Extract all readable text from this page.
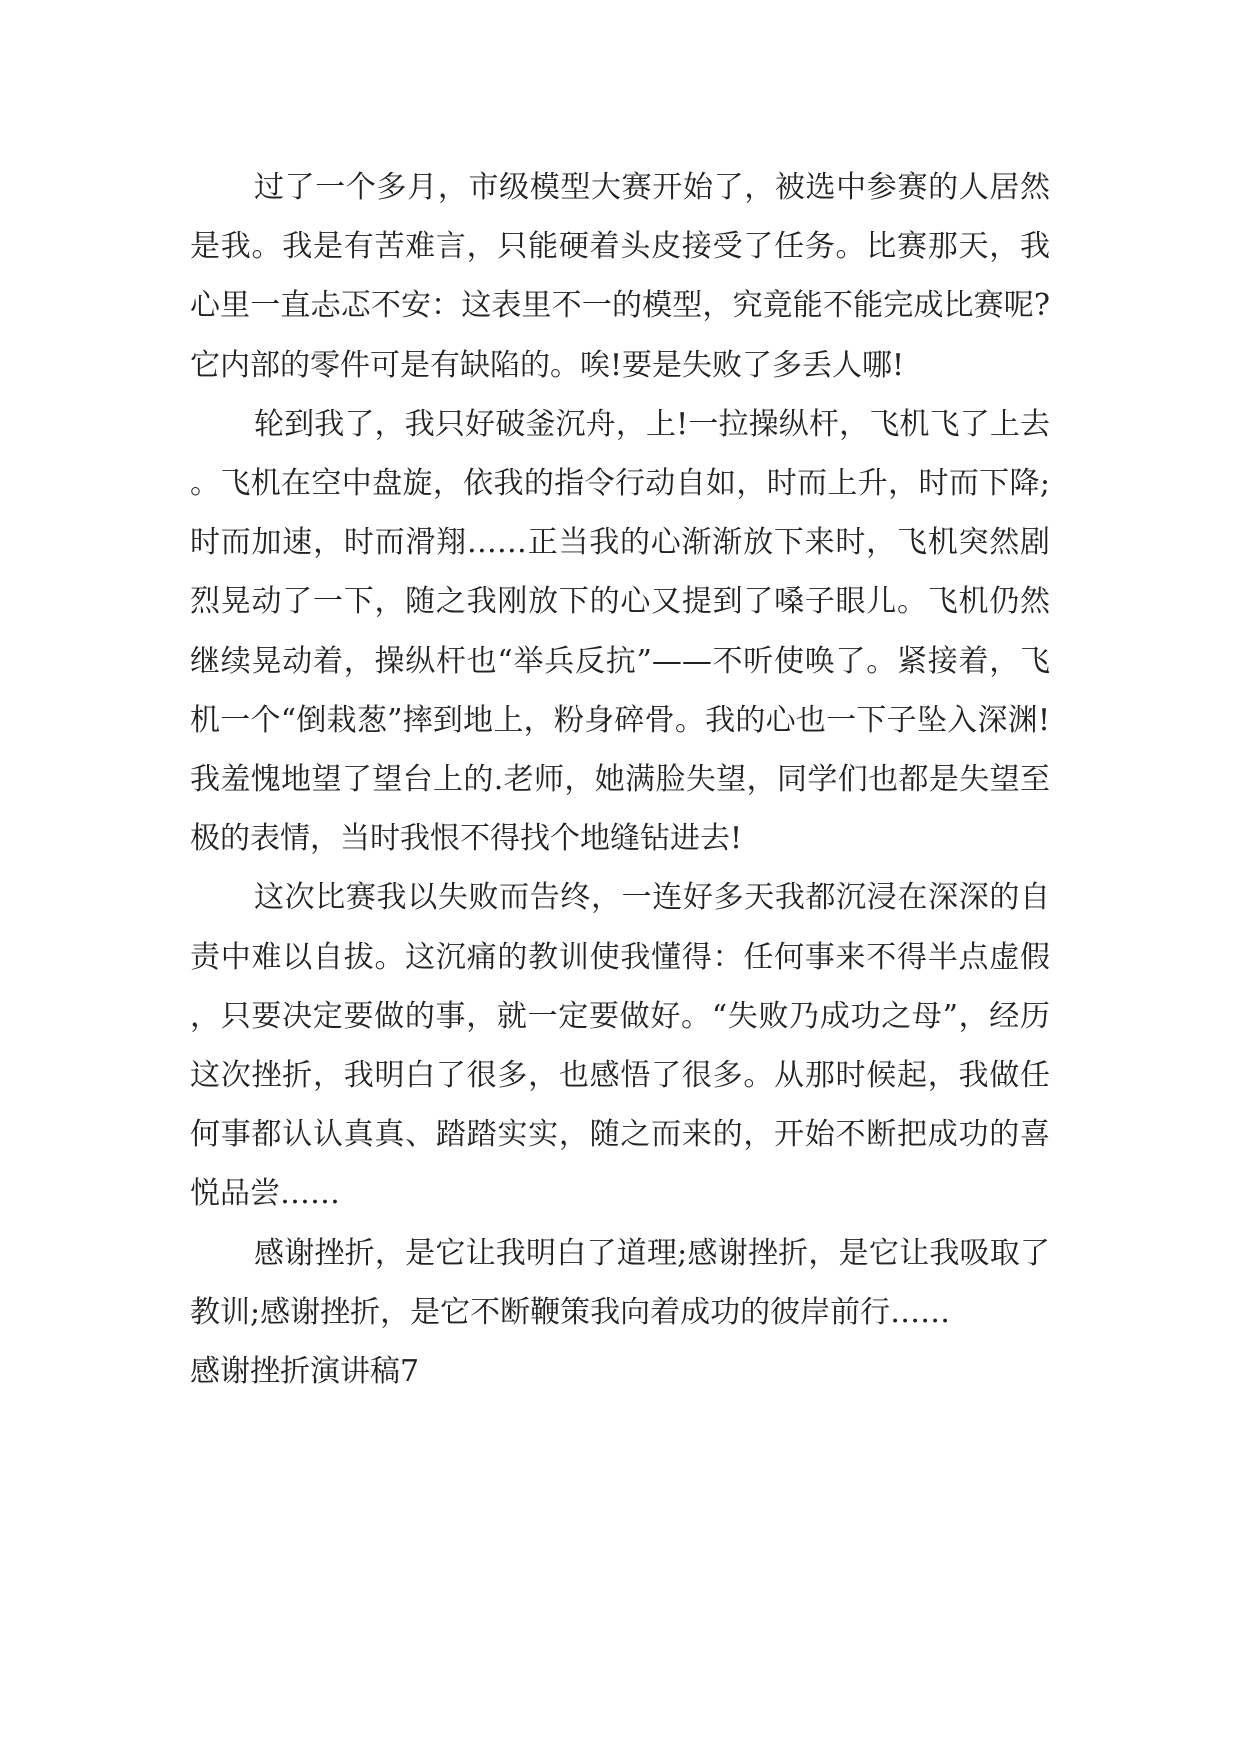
过了一个多月，市级模型大赛开始了，被选中参赛的人居然是我。我是有苦难言，只能硬着头皮接受了任务。比赛那天，我心里一直忐忑不安：这表里不一的模型，究竟能不能完成比赛呢?它内部的零件可是有缺陷的。唉!要是失败了多丢人哪!

轮到我了，我只好破釜沉舟，上!一拉操纵杆，飞机飞了上去。飞机在空中盘旋，依我的指令行动自如，时而上升，时而下降;时而加速，时而滑翔……正当我的心渐渐放下来时，飞机突然剧烈晃动了一下，随之我刚放下的心又提到了嗓子眼儿。飞机仍然继续晃动着，操纵杆也“举兵反抗”——不听使唤了。紧接着，飞机一个“倒栽葱”摔到地上，粉身碎骨。我的心也一下子坠入深渊!我羞愧地望了望台上的.老师，她满脸失望，同学们也都是失望至极的表情，当时我恨不得找个地缝钻进去!

这次比赛我以失败而告终，一连好多天我都沉浸在深深的自责中难以自拔。这沉痛的教训使我懂得：任何事来不得半点虚假，只要决定要做的事，就一定要做好。“失败乃成功之母”，经历这次挫折，我明白了很多，也感悟了很多。从那时候起，我做任何事都认认真真、踏踏实实，随之而来的，开始不断把成功的喜悦品尝……

感谢挫折，是它让我明白了道理;感谢挫折，是它让我吸取了教训;感谢挫折，是它不断鞭策我向着成功的彼岸前行……

感谢挫折演讲稿7
